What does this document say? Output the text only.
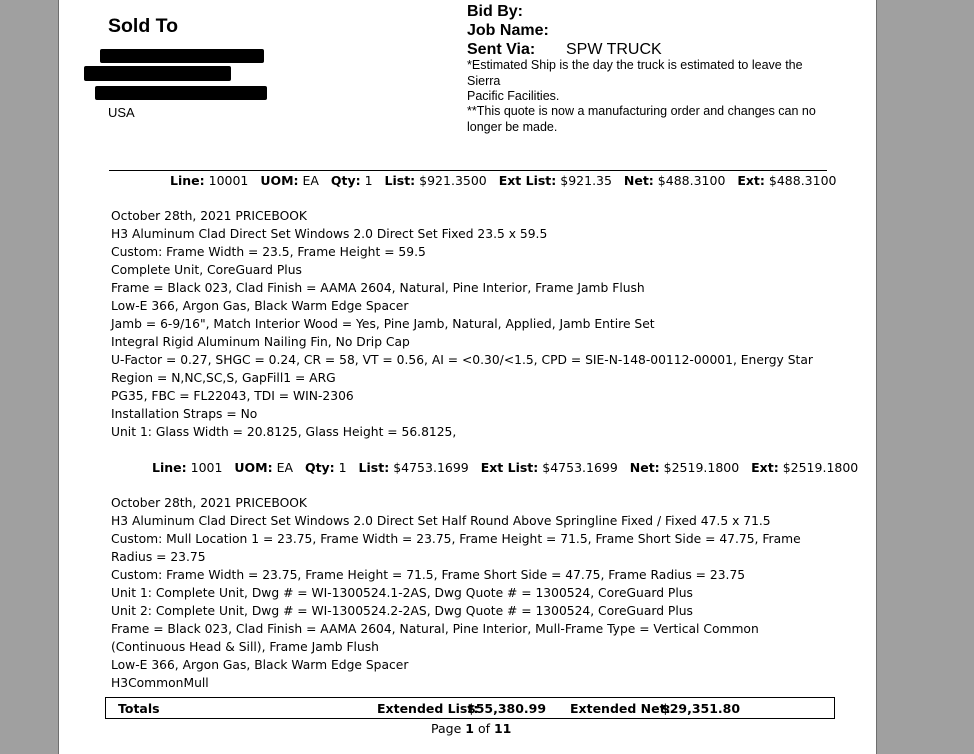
Sold To
USA
Bid By:
Job Name:
Sent Via: SPW TRUCK
*Estimated Ship is the day the truck is estimated to leave the
Sierra
Pacific Facilities.
**This quote is now a manufacturing order and changes can no
longer be made.
Line: 10001 UOM: EA Qty: 1 List: $921.3500 Ext List: $921.35 Net: $488.3100 Ext: $488.3100
October 28th, 2021 PRICEBOOK
H3 Aluminum Clad Direct Set Windows 2.0 Direct Set Fixed 23.5 x 59.5
Custom: Frame Width = 23.5, Frame Height = 59.5
Complete Unit, CoreGuard Plus
Frame = Black 023, Clad Finish = AAMA 2604, Natural, Pine Interior, Frame Jamb Flush
Low-E 366, Argon Gas, Black Warm Edge Spacer
Jamb = 6-9/16", Match Interior Wood = Yes, Pine Jamb, Natural, Applied, Jamb Entire Set
Integral Rigid Aluminum Nailing Fin, No Drip Cap
U-Factor = 0.27, SHGC = 0.24, CR = 58, VT = 0.56, AI = <0.30/<1.5, CPD = SIE-N-148-00112-00001, Energy Star Region = N,NC,SC,S, GapFill1 = ARG
PG35, FBC = FL22043, TDI = WIN-2306
Installation Straps = No
Unit 1: Glass Width = 20.8125, Glass Height = 56.8125,
Line: 1001 UOM: EA Qty: 1 List: $4753.1699 Ext List: $4753.1699 Net: $2519.1800 Ext: $2519.1800
October 28th, 2021 PRICEBOOK
H3 Aluminum Clad Direct Set Windows 2.0 Direct Set Half Round Above Springline Fixed / Fixed 47.5 x 71.5
Custom: Mull Location 1 = 23.75, Frame Width = 23.75, Frame Height = 71.5, Frame Short Side = 47.75, Frame Radius = 23.75
Custom: Frame Width = 23.75, Frame Height = 71.5, Frame Short Side = 47.75, Frame Radius = 23.75
Unit 1: Complete Unit, Dwg # = WI-1300524.1-2AS, Dwg Quote # = 1300524, CoreGuard Plus
Unit 2: Complete Unit, Dwg # = WI-1300524.2-2AS, Dwg Quote # = 1300524, CoreGuard Plus
Frame = Black 023, Clad Finish = AAMA 2604, Natural, Pine Interior, Mull-Frame Type = Vertical Common (Continuous Head & Sill), Frame Jamb Flush
Low-E 366, Argon Gas, Black Warm Edge Spacer
H3CommonMull
Totals	Extended List:
$55,380.99 Extended Net:
$29,351.80
Page 1 of 11
